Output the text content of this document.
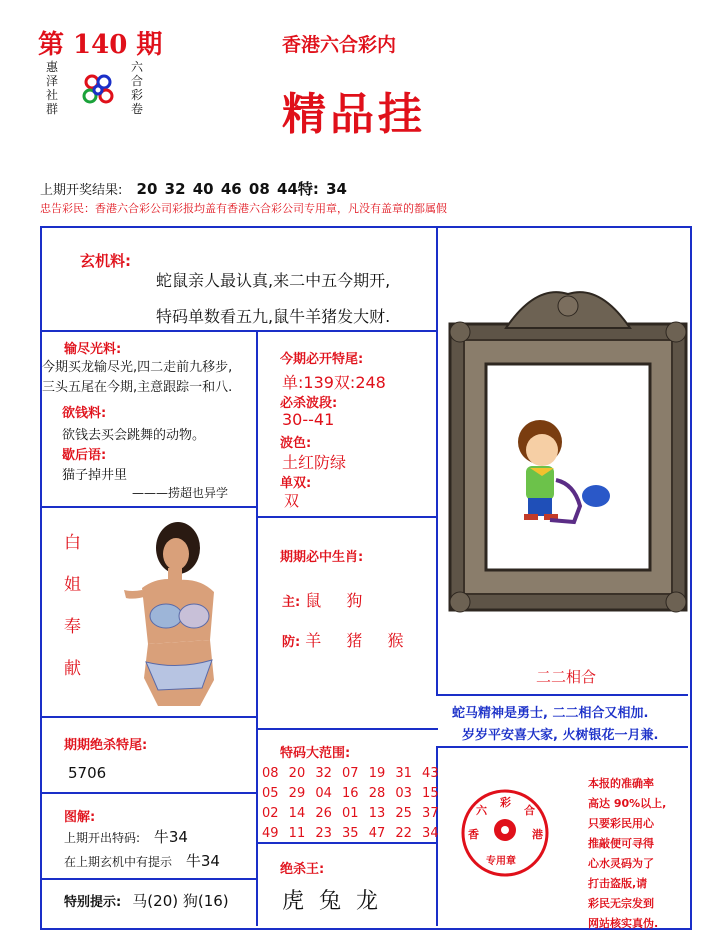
第 140 期
惠
泽
社
群
六
合
彩
卷
香港六合彩内
精品挂
上期开奖结果: 20 32 40 46 08 44特: 34
忠告彩民：香港六合彩公司彩报均盖有香港六合彩公司专用章，凡没有盖章的都属假
玄机料:
蛇鼠亲人最认真,来二中五今期开,
特码单数看五九,鼠牛羊猪发大财.
输尽光料:
今期买龙输尽光,四二走前九移步,
三头五尾在今期,主意跟踪一和八.
欲钱料:
欲钱去买会跳舞的动物。
歇后语:
猫子掉井里
———捞超也异学
白
姐
奉
献
今期必开特尾:
单:139双:248
必杀波段:
30--41
波色:
土红防绿
单双:
双
期期必中生肖:
主: 鼠 狗
防: 羊 猪 猴
二二相合
蛇马精神是勇士, 二二相合又相加.
岁岁平安喜大家, 火树银花一月兼.
期期绝杀特尾:
5706
特码大范围:
08 20 32 07 19 31 43
05 29 04 16 28 03 15
02 14 26 01 13 25 37
49 11 23 35 47 22 34
图解:
上期开出特码: 牛34
在上期玄机中有提示 牛34
特别提示: 马(20) 狗(16)
绝杀王:
虎 兔 龙
六
彩
合
香	港
专用章
本报的准确率
高达 90%以上,
只要彩民用心
推敲便可寻得
心水灵码为了
打击盗版,请
彩民无宗发到
网站核实真伪.
